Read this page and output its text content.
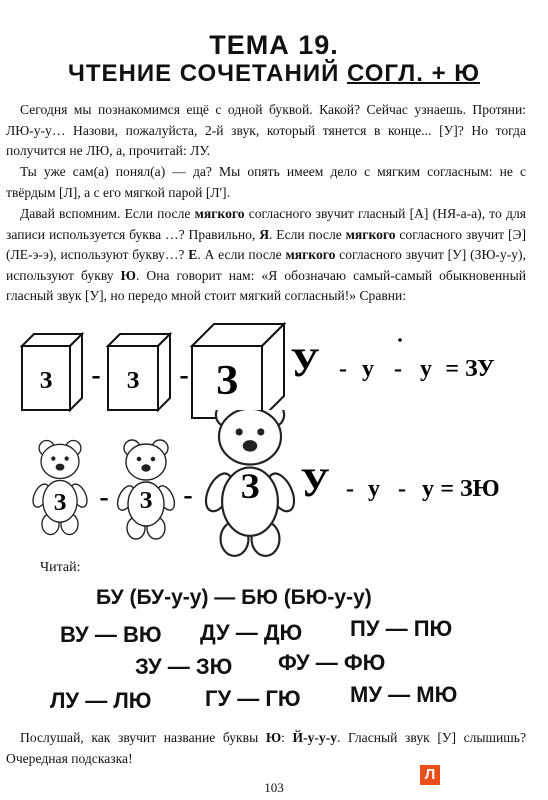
ТЕМА 19.
ЧТЕНИЕ СОЧЕТАНИЙ СОГЛ. + Ю

Сегодня мы познакомимся ещё с одной буквой. Какой? Сейчас узнаешь. Протяни: ЛЮ-у-у… Назови, пожалуйста, 2-й звук, который тянется в конце... [У]? Но тогда получится не ЛЮ, а, прочитай: ЛУ.

Ты уже сам(а) понял(а) — да? Мы опять имеем дело с мягким согласным: не с твёрдым [Л], а с его мягкой парой [Л'].

Давай вспомним. Если после мягкого согласного звучит гласный [А] (НЯ-а-а), то для записи используется буква …? Правильно, Я. Если после мягкого согласного звучит [Э] (ЛЕ-э-э), используют букву…? Е. А если после мягкого согласного звучит [У] (ЗЮ-у-у), используют букву Ю. Она говорит нам: «Я обозначаю самый-самый обыкновенный гласный звук [У], но передо мной стоит мягкий согласный!» Сравни:

З - З - З У - у - у = ЗУ
З - З - З У - у - у = ЗЮ
Читай:
БУ (БУ-у-у) — БЮ (БЮ-у-у)
ВУ — ВЮ ДУ — ДЮ ПУ — ПЮ
ЗУ — ЗЮ ФУ — ФЮ
ЛУ — ЛЮ ГУ — ГЮ МУ — МЮ

Послушай, как звучит название буквы Ю: Й-у-у-у. Гласный звук [У] слышишь? Очередная подсказка!

Л
103
